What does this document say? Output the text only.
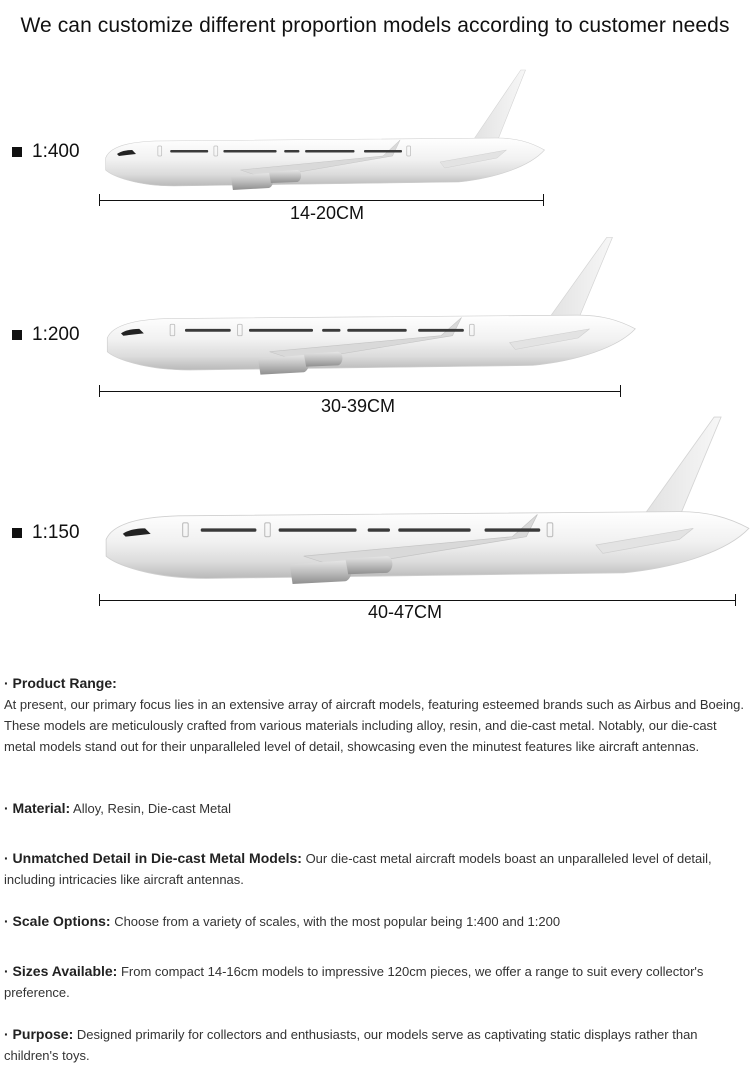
We can customize different proportion models according to customer needs
1:400
14-20CM
1:200
30-39CM
1:150
40-47CM

· Product Range:

At present, our primary focus lies in an extensive array of aircraft models, featuring esteemed brands such as Airbus and Boeing. These models are meticulously crafted from various materials including alloy, resin, and die-cast metal. Notably, our die-cast metal models stand out for their unparalleled level of detail, showcasing even the minutest features like aircraft antennas.

· Material: Alloy, Resin, Die-cast Metal

· Unmatched Detail in Die-cast Metal Models: Our die-cast metal aircraft models boast an unparalleled level of detail, including intricacies like aircraft antennas.

· Scale Options: Choose from a variety of scales, with the most popular being 1:400 and 1:200

· Sizes Available: From compact 14-16cm models to impressive 120cm pieces, we offer a range to suit every collector's preference.

· Purpose: Designed primarily for collectors and enthusiasts, our models serve as captivating static displays rather than children's toys.
